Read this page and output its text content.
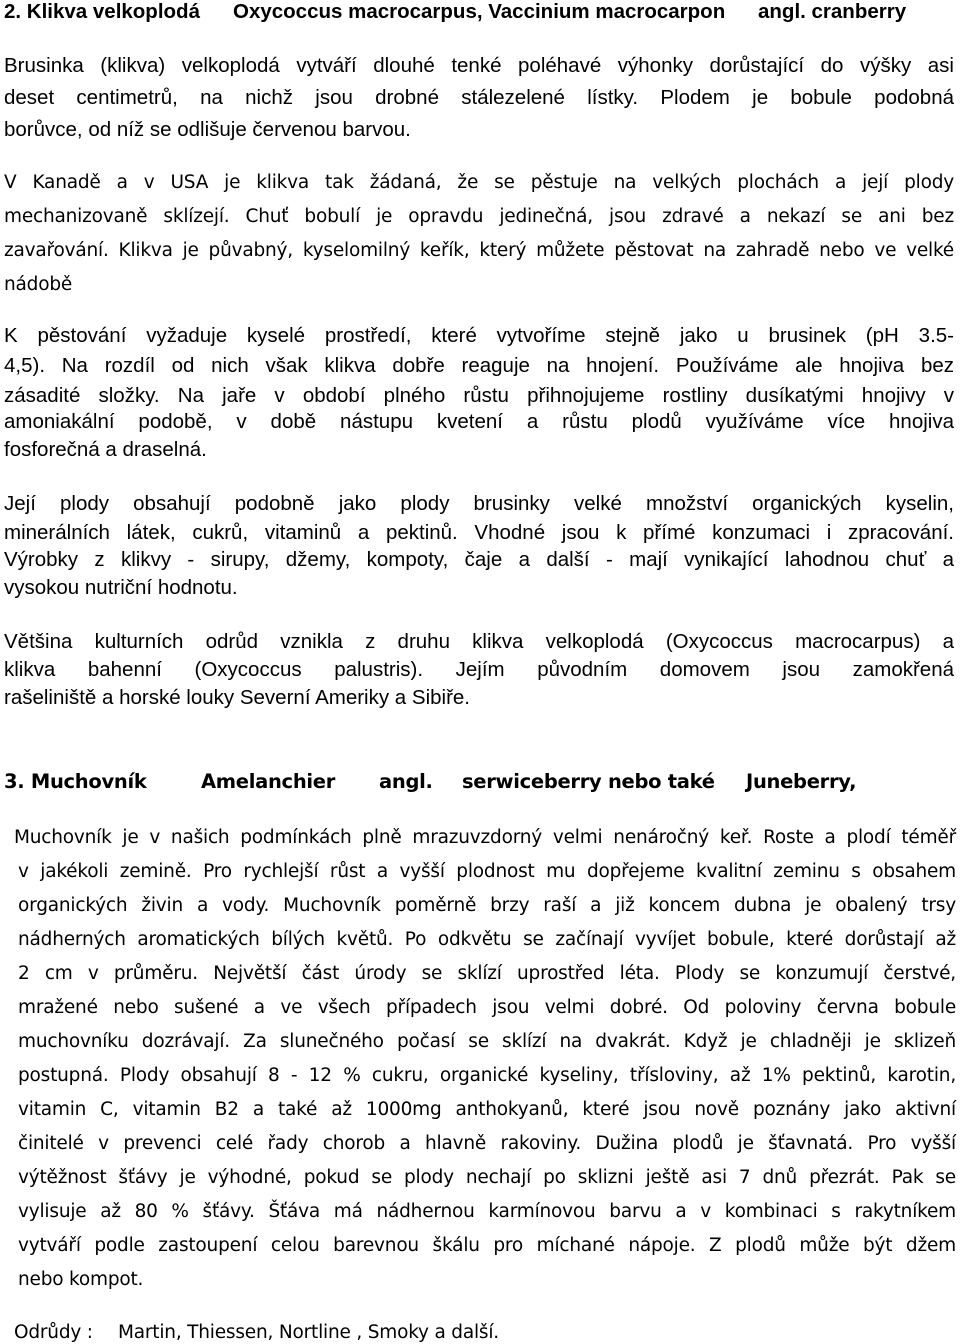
2. Klikva velkoplodá Oxycoccus macrocarpus, Vaccinium macrocarpon angl. cranberry
Brusinka (klikva) velkoplodá vytváří dlouhé tenké poléhavé výhonky dorůstající do výšky asi
deset centimetrů, na nichž jsou drobné stálezelené lístky. Plodem je bobule podobná
borůvce, od níž se odlišuje červenou barvou.
V Kanadě a v USA je klikva tak žádaná, že se pěstuje na velkých plochách a její plody
mechanizovaně sklízejí. Chuť bobulí je opravdu jedinečná, jsou zdravé a nekazí se ani bez
zavařování. Klikva je půvabný, kyselomilný keřík, který můžete pěstovat na zahradě nebo ve velké
nádobě
K pěstování vyžaduje kyselé prostředí, které vytvoříme stejně jako u brusinek (pH 3.5-
4,5). Na rozdíl od nich však klikva dobře reaguje na hnojení. Používáme ale hnojiva bez
zásadité složky. Na jaře v období plného růstu přihnojujeme rostliny dusíkatými hnojivy v
amoniakální podobě, v době nástupu kvetení a růstu plodů využíváme více hnojiva
fosforečná a draselná.
Její plody obsahují podobně jako plody brusinky velké množství organických kyselin,
minerálních látek, cukrů, vitaminů a pektinů. Vhodné jsou k přímé konzumaci i zpracování.
Výrobky z klikvy - sirupy, džemy, kompoty, čaje a další - mají vynikající lahodnou chuť a
vysokou nutriční hodnotu.
Většina kulturních odrůd vznikla z druhu klikva velkoplodá (Oxycoccus macrocarpus) a
klikva bahenní (Oxycoccus palustris). Jejím původním domovem jsou zamokřená
rašeliniště a horské louky Severní Ameriky a Sibiře.
3. Muchovník	Amelanchier angl. serwiceberry nebo také Juneberry,
Muchovník je v našich podmínkách plně mrazuvzdorný velmi nenáročný keř. Roste a plodí téměř
v jakékoli zemině. Pro rychlejší růst a vyšší plodnost mu dopřejeme kvalitní zeminu s obsahem
organických živin a vody. Muchovník poměrně brzy raší a již koncem dubna je obalený trsy
nádherných aromatických bílých květů. Po odkvětu se začínají vyvíjet bobule, které dorůstají až
2 cm v průměru. Největší část úrody se sklízí uprostřed léta. Plody se konzumují čerstvé,
mražené nebo sušené a ve všech případech jsou velmi dobré. Od poloviny června bobule
muchovníku dozrávají. Za slunečného počasí se sklízí na dvakrát. Když je chladněji je sklizeň
postupná. Plody obsahují 8 - 12 % cukru, organické kyseliny, třísloviny, až 1% pektinů, karotin,
vitamin C, vitamin B2 a také až 1000mg anthokyanů, které jsou nově poznány jako aktivní
činitelé v prevenci celé řady chorob a hlavně rakoviny. Dužina plodů je šťavnatá. Pro vyšší
výtěžnost šťávy je výhodné, pokud se plody nechají po sklizni ještě asi 7 dnů přezrát. Pak se
vylisuje až 80 % šťávy. Šťáva má nádhernou karmínovou barvu a v kombinaci s rakytníkem
vytváří podle zastoupení celou barevnou škálu pro míchané nápoje. Z plodů může být džem
nebo kompot.
Odrůdy : Martin, Thiessen, Nortline , Smoky a další.
